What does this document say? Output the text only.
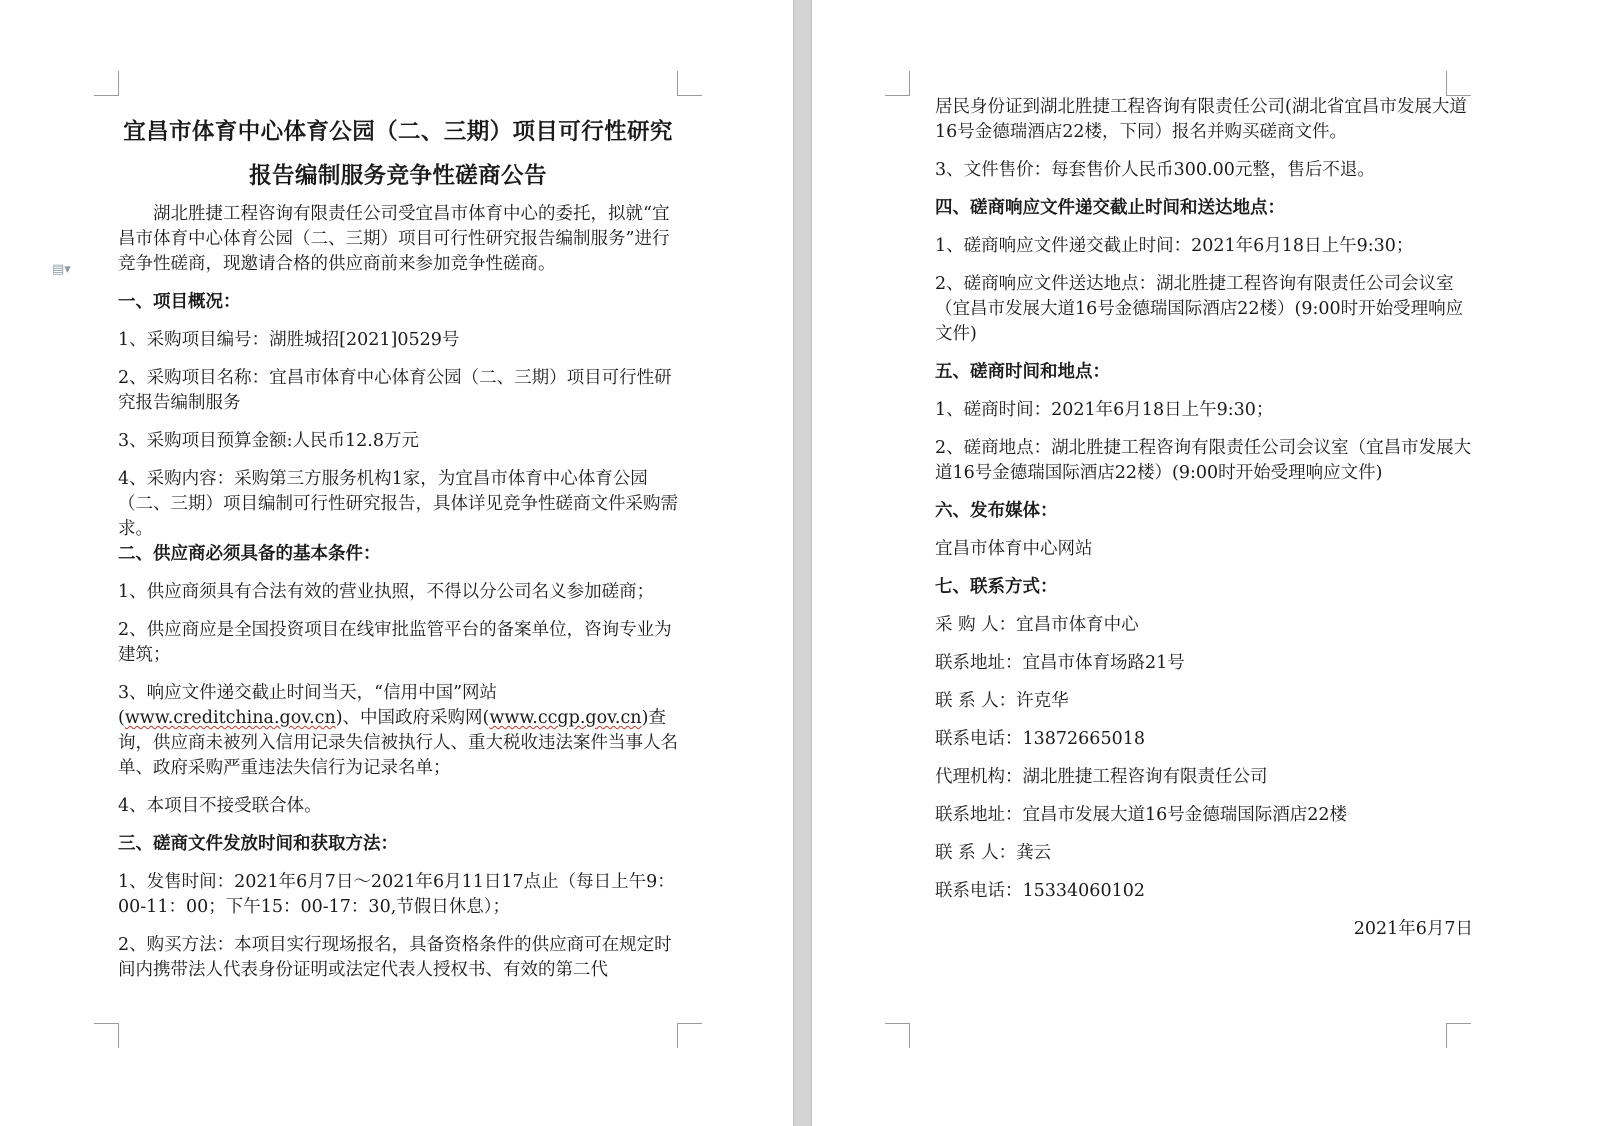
▤▾

宜昌市体育中心体育公园（二、三期）项目可行性研究报告编制服务竞争性磋商公告

湖北胜捷工程咨询有限责任公司受宜昌市体育中心的委托，拟就“宜昌市体育中心体育公园（二、三期）项目可行性研究报告编制服务”进行竞争性磋商，现邀请合格的供应商前来参加竞争性磋商。

一、项目概况：

1、采购项目编号：湖胜城招[2021]0529号

2、采购项目名称：宜昌市体育中心体育公园（二、三期）项目可行性研究报告编制服务

3、采购项目预算金额:人民币12.8万元

4、采购内容：采购第三方服务机构1家，为宜昌市体育中心体育公园（二、三期）项目编制可行性研究报告，具体详见竞争性磋商文件采购需求。

二、供应商必须具备的基本条件：

1、供应商须具有合法有效的营业执照，不得以分公司名义参加磋商；

2、供应商应是全国投资项目在线审批监管平台的备案单位，咨询专业为建筑；

3、响应文件递交截止时间当天，“信用中国”网站
(www.creditchina.gov.cn)、中国政府采购网(www.ccgp.gov.cn)查询，供应商未被列入信用记录失信被执行人、重大税收违法案件当事人名单、政府采购严重违法失信行为记录名单；

4、本项目不接受联合体。

三、磋商文件发放时间和获取方法：

1、发售时间：2021年6月7日～2021年6月11日17点止（每日上午9：00-11：00；下午15：00-17：30,节假日休息）；

2、购买方法：本项目实行现场报名，具备资格条件的供应商可在规定时间内携带法人代表身份证明或法定代表人授权书、有效的第二代

居民身份证到湖北胜捷工程咨询有限责任公司(湖北省宜昌市发展大道16号金德瑞酒店22楼，下同）报名并购买磋商文件。

3、文件售价：每套售价人民币300.00元整，售后不退。

四、磋商响应文件递交截止时间和送达地点：

1、磋商响应文件递交截止时间：2021年6月18日上午9:30；

2、磋商响应文件送达地点：湖北胜捷工程咨询有限责任公司会议室（宜昌市发展大道16号金德瑞国际酒店22楼）(9:00时开始受理响应文件)

五、磋商时间和地点：

1、磋商时间：2021年6月18日上午9:30；

2、磋商地点：湖北胜捷工程咨询有限责任公司会议室（宜昌市发展大道16号金德瑞国际酒店22楼）(9:00时开始受理响应文件)

六、发布媒体：

宜昌市体育中心网站

七、联系方式：

采 购 人：宜昌市体育中心

联系地址：宜昌市体育场路21号

联 系 人：许克华

联系电话：13872665018

代理机构：湖北胜捷工程咨询有限责任公司

联系地址：宜昌市发展大道16号金德瑞国际酒店22楼

联 系 人：龚云

联系电话：15334060102

2021年6月7日
